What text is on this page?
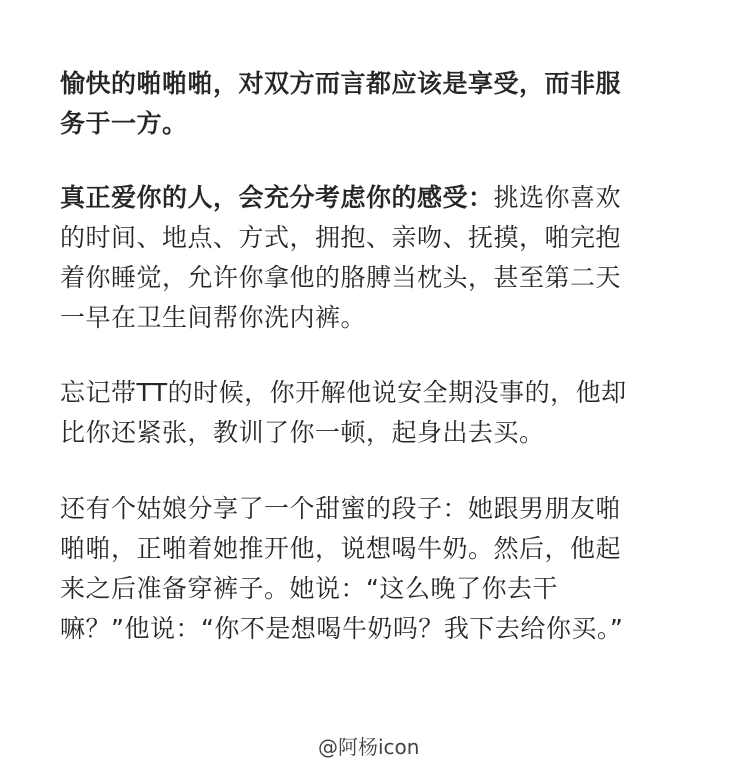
愉快的啪啪啪，对双方而言都应该是享受，而非服
务于一方。

真正爱你的人，会充分考虑你的感受：挑选你喜欢
的时间、地点、方式，拥抱、亲吻、抚摸，啪完抱
着你睡觉，允许你拿他的胳膊当枕头，甚至第二天
一早在卫生间帮你洗内裤。

忘记带TT的时候，你开解他说安全期没事的，他却
比你还紧张，教训了你一顿，起身出去买。

还有个姑娘分享了一个甜蜜的段子：她跟男朋友啪
啪啪，正啪着她推开他，说想喝牛奶。然后，他起
来之后准备穿裤子。她说：“这么晚了你去干
嘛？”他说：“你不是想喝牛奶吗？我下去给你买。”

@阿杨icon
